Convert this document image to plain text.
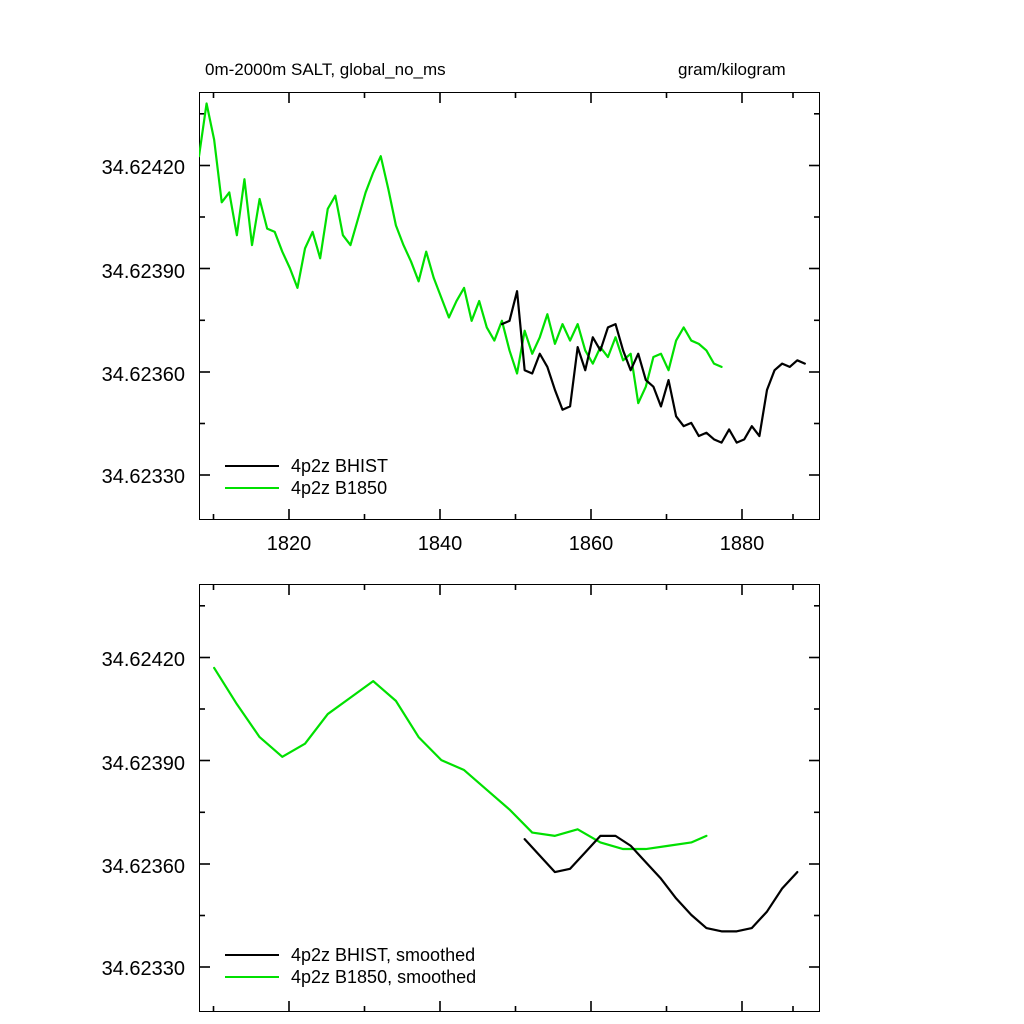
0m-2000m SALT, global_no_ms	gram/kilogram
34.62420
34.62390
34.62360
34.62330
1820	1840	1860	1880
4p2z BHIST
4p2z B1850
34.62420
34.62390
34.62360
34.62330
4p2z BHIST, smoothed
4p2z B1850, smoothed
